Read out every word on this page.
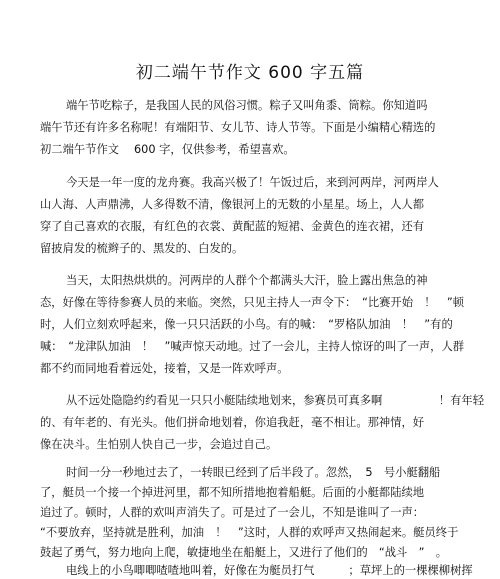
初二端午节作文 600 字五篇
端午节吃粽子，是我国人民的风俗习惯。粽子又叫角黍、筒粽。你知道吗
端午节还有许多名称呢！有端阳节、女儿节、诗人节等。下面是小编精心精选的
初二端午节作文　 600 字，仅供参考，希望喜欢。
今天是一年一度的龙舟赛。我高兴极了！午饭过后，来到河两岸，河两岸人
山人海、人声鼎沸，人多得数不清，像银河上的无数的小星星。场上，人人都
穿了自己喜欢的衣服，有红色的衣裳、黄配蓝的短裙、金黄色的连衣裙，还有
留披肩发的梳辫子的、黑发的、白发的。
当天，太阳热烘烘的。河两岸的人群个个都满头大汗，脸上露出焦急的神
态，好像在等待参赛人员的来临。突然，只见主持人一声令下：　“比赛开始　！　”顿
时，人们立刻欢呼起来，像一只只活跃的小鸟。有的喊：　“罗格队加油　！　”有的
喊：　“龙津队加油　！　”喊声惊天动地。过了一会儿，主持人惊讶的叫了一声，人群
都不约而同地看着远处，接着，又是一阵欢呼声。
从不远处隐隐约约看见一只只小艇陆续地划来，参赛员可真多啊　　　　　！有年轻
的、有年老的、有光头。他们拼命地划着，你追我赶，毫不相让。那神情，好
像在决斗。生怕别人快自己一步，会追过自己。
时间一分一秒地过去了，一转眼已经到了后半段了。忽然，　5　号小艇翻船
了，艇员一个接一个掉进河里，都不知所措地抱着船艇。后面的小艇都陆续地
追过了。顿时，人群的欢叫声消失了。可是过了一会儿，不知是谁叫了一声：
“不要放弃，坚持就是胜利，加油　！　”这时，人群的欢呼声又热闹起来。艇员终于
鼓起了勇气，努力地向上爬，敏捷地坐在船艇上，又进行了他们的　“战斗　”　。
电线上的小鸟唧唧喳喳地叫着，好像在为艇员打气　　　；草坪上的一棵棵柳树挥
